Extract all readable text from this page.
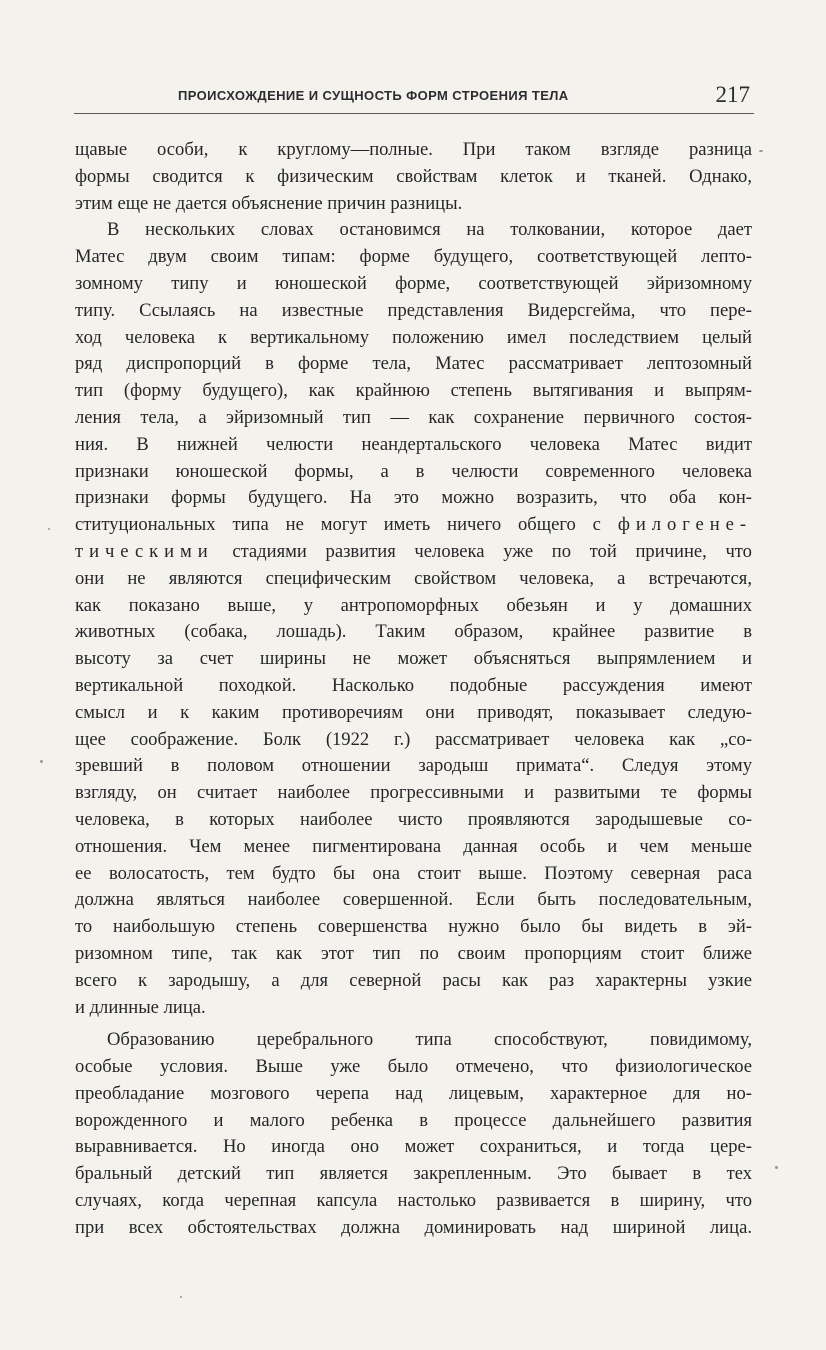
ПРОИСХОЖДЕНИЕ И СУЩНОСТЬ ФОРМ СТРОЕНИЯ ТЕЛА	217
щавые особи, к круглому—полные. При таком взгляде разница
формы сводится к физическим свойствам клеток и тканей. Однако,
этим еще не дается объяснение причин разницы.
В нескольких словах остановимся на толковании, которое дает
Матес двум своим типам: форме будущего, соответствующей лепто-
зомному типу и юношеской форме, соответствующей эйризомному
типу. Ссылаясь на известные представления Видерсгейма, что пере-
ход человека к вертикальному положению имел последствием целый
ряд диспропорций в форме тела, Матес рассматривает лептозомный
тип (форму будущего), как крайнюю степень вытягивания и выпрям-
ления тела, а эйризомный тип — как сохранение первичного состоя-
ния. В нижней челюсти неандертальского человека Матес видит
признаки юношеской формы, а в челюсти современного человека
признаки формы будущего. На это можно возразить, что оба кон-
ституциональных типа не могут иметь ничего общего с филогене-
тическими стадиями развития человека уже по той причине, что
они не являются специфическим свойством человека, а встречаются,
как показано выше, у антропоморфных обезьян и у домашних
животных (собака, лошадь). Таким образом, крайнее развитие в
высоту за счет ширины не может объясняться выпрямлением и
вертикальной походкой. Насколько подобные рассуждения имеют
смысл и к каким противоречиям они приводят, показывает следую-
щее соображение. Болк (1922 г.) рассматривает человека как „со-
зревший в половом отношении зародыш примата“. Следуя этому
взгляду, он считает наиболее прогрессивными и развитыми те формы
человека, в которых наиболее чисто проявляются зародышевые со-
отношения. Чем менее пигментирована данная особь и чем меньше
ее волосатость, тем будто бы она стоит выше. Поэтому северная раса
должна являться наиболее совершенной. Если быть последовательным,
то наибольшую степень совершенства нужно было бы видеть в эй-
ризомном типе, так как этот тип по своим пропорциям стоит ближе
всего к зародышу, а для северной расы как раз характерны узкие
и длинные лица.
Образованию церебрального типа способствуют, повидимому,
особые условия. Выше уже было отмечено, что физиологическое
преобладание мозгового черепа над лицевым, характерное для но-
ворожденного и малого ребенка в процессе дальнейшего развития
выравнивается. Но иногда оно может сохраниться, и тогда цере-
бральный детский тип является закрепленным. Это бывает в тех
случаях, когда черепная капсула настолько развивается в ширину, что
при всех обстоятельствах должна доминировать над шириной лица.
